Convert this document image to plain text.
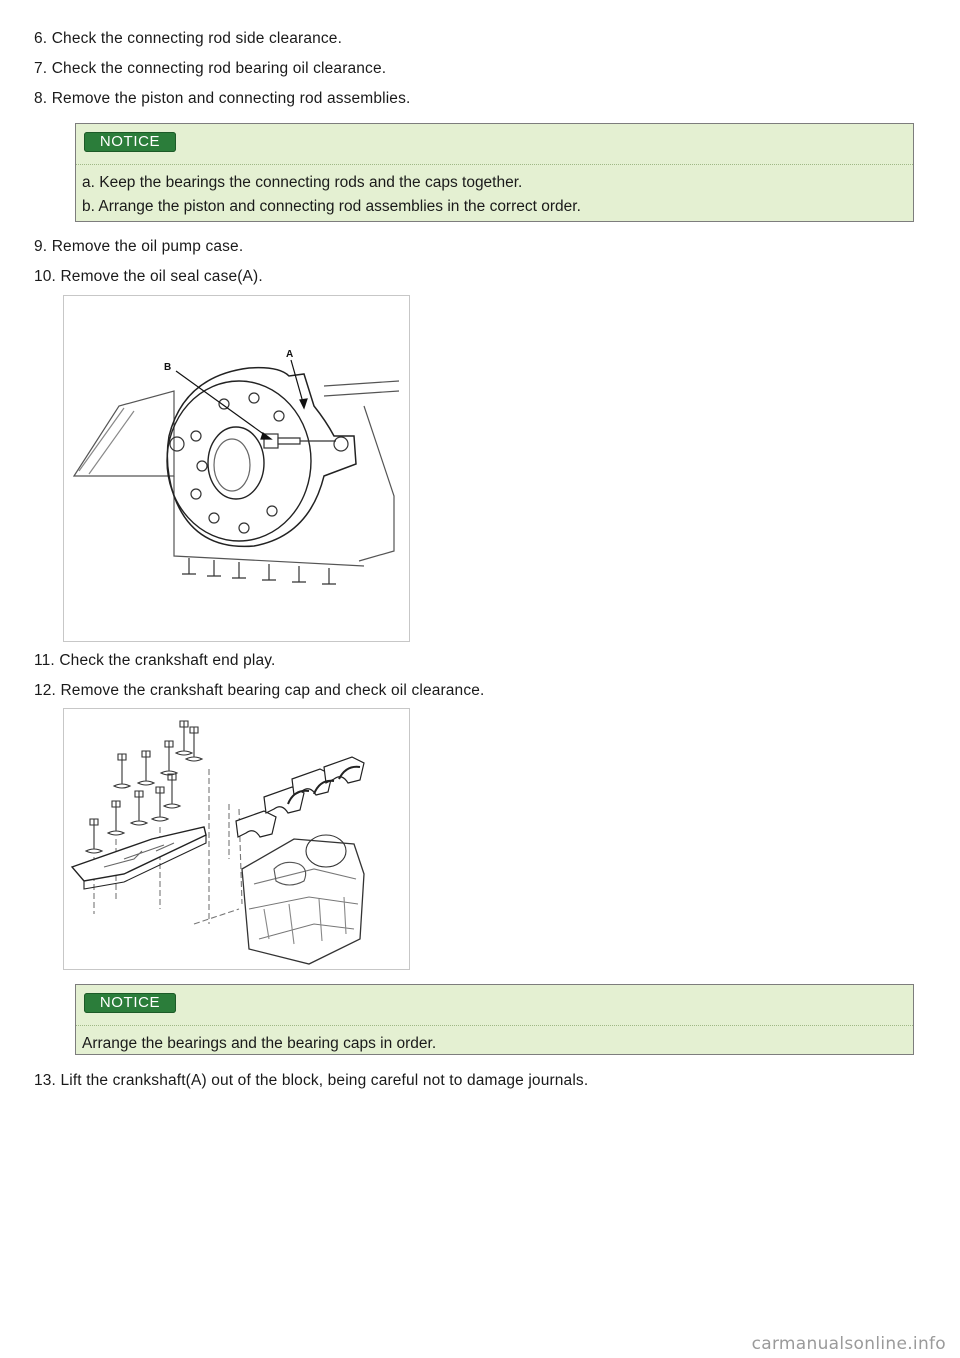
6. Check the connecting rod side clearance.
7. Check the connecting rod bearing oil clearance.
8. Remove the piston and connecting rod assemblies.
NOTICE
a. Keep the bearings the connecting rods and the caps together.
b. Arrange the piston and connecting rod assemblies in the correct order.
9. Remove the oil pump case.
10. Remove the oil seal case(A).
B
A
11. Check the crankshaft end play.
12. Remove the crankshaft bearing cap and check oil clearance.
NOTICE
Arrange the bearings and the bearing caps in order.
13. Lift the crankshaft(A) out of the block, being careful not to damage journals.
carmanualsonline.info
